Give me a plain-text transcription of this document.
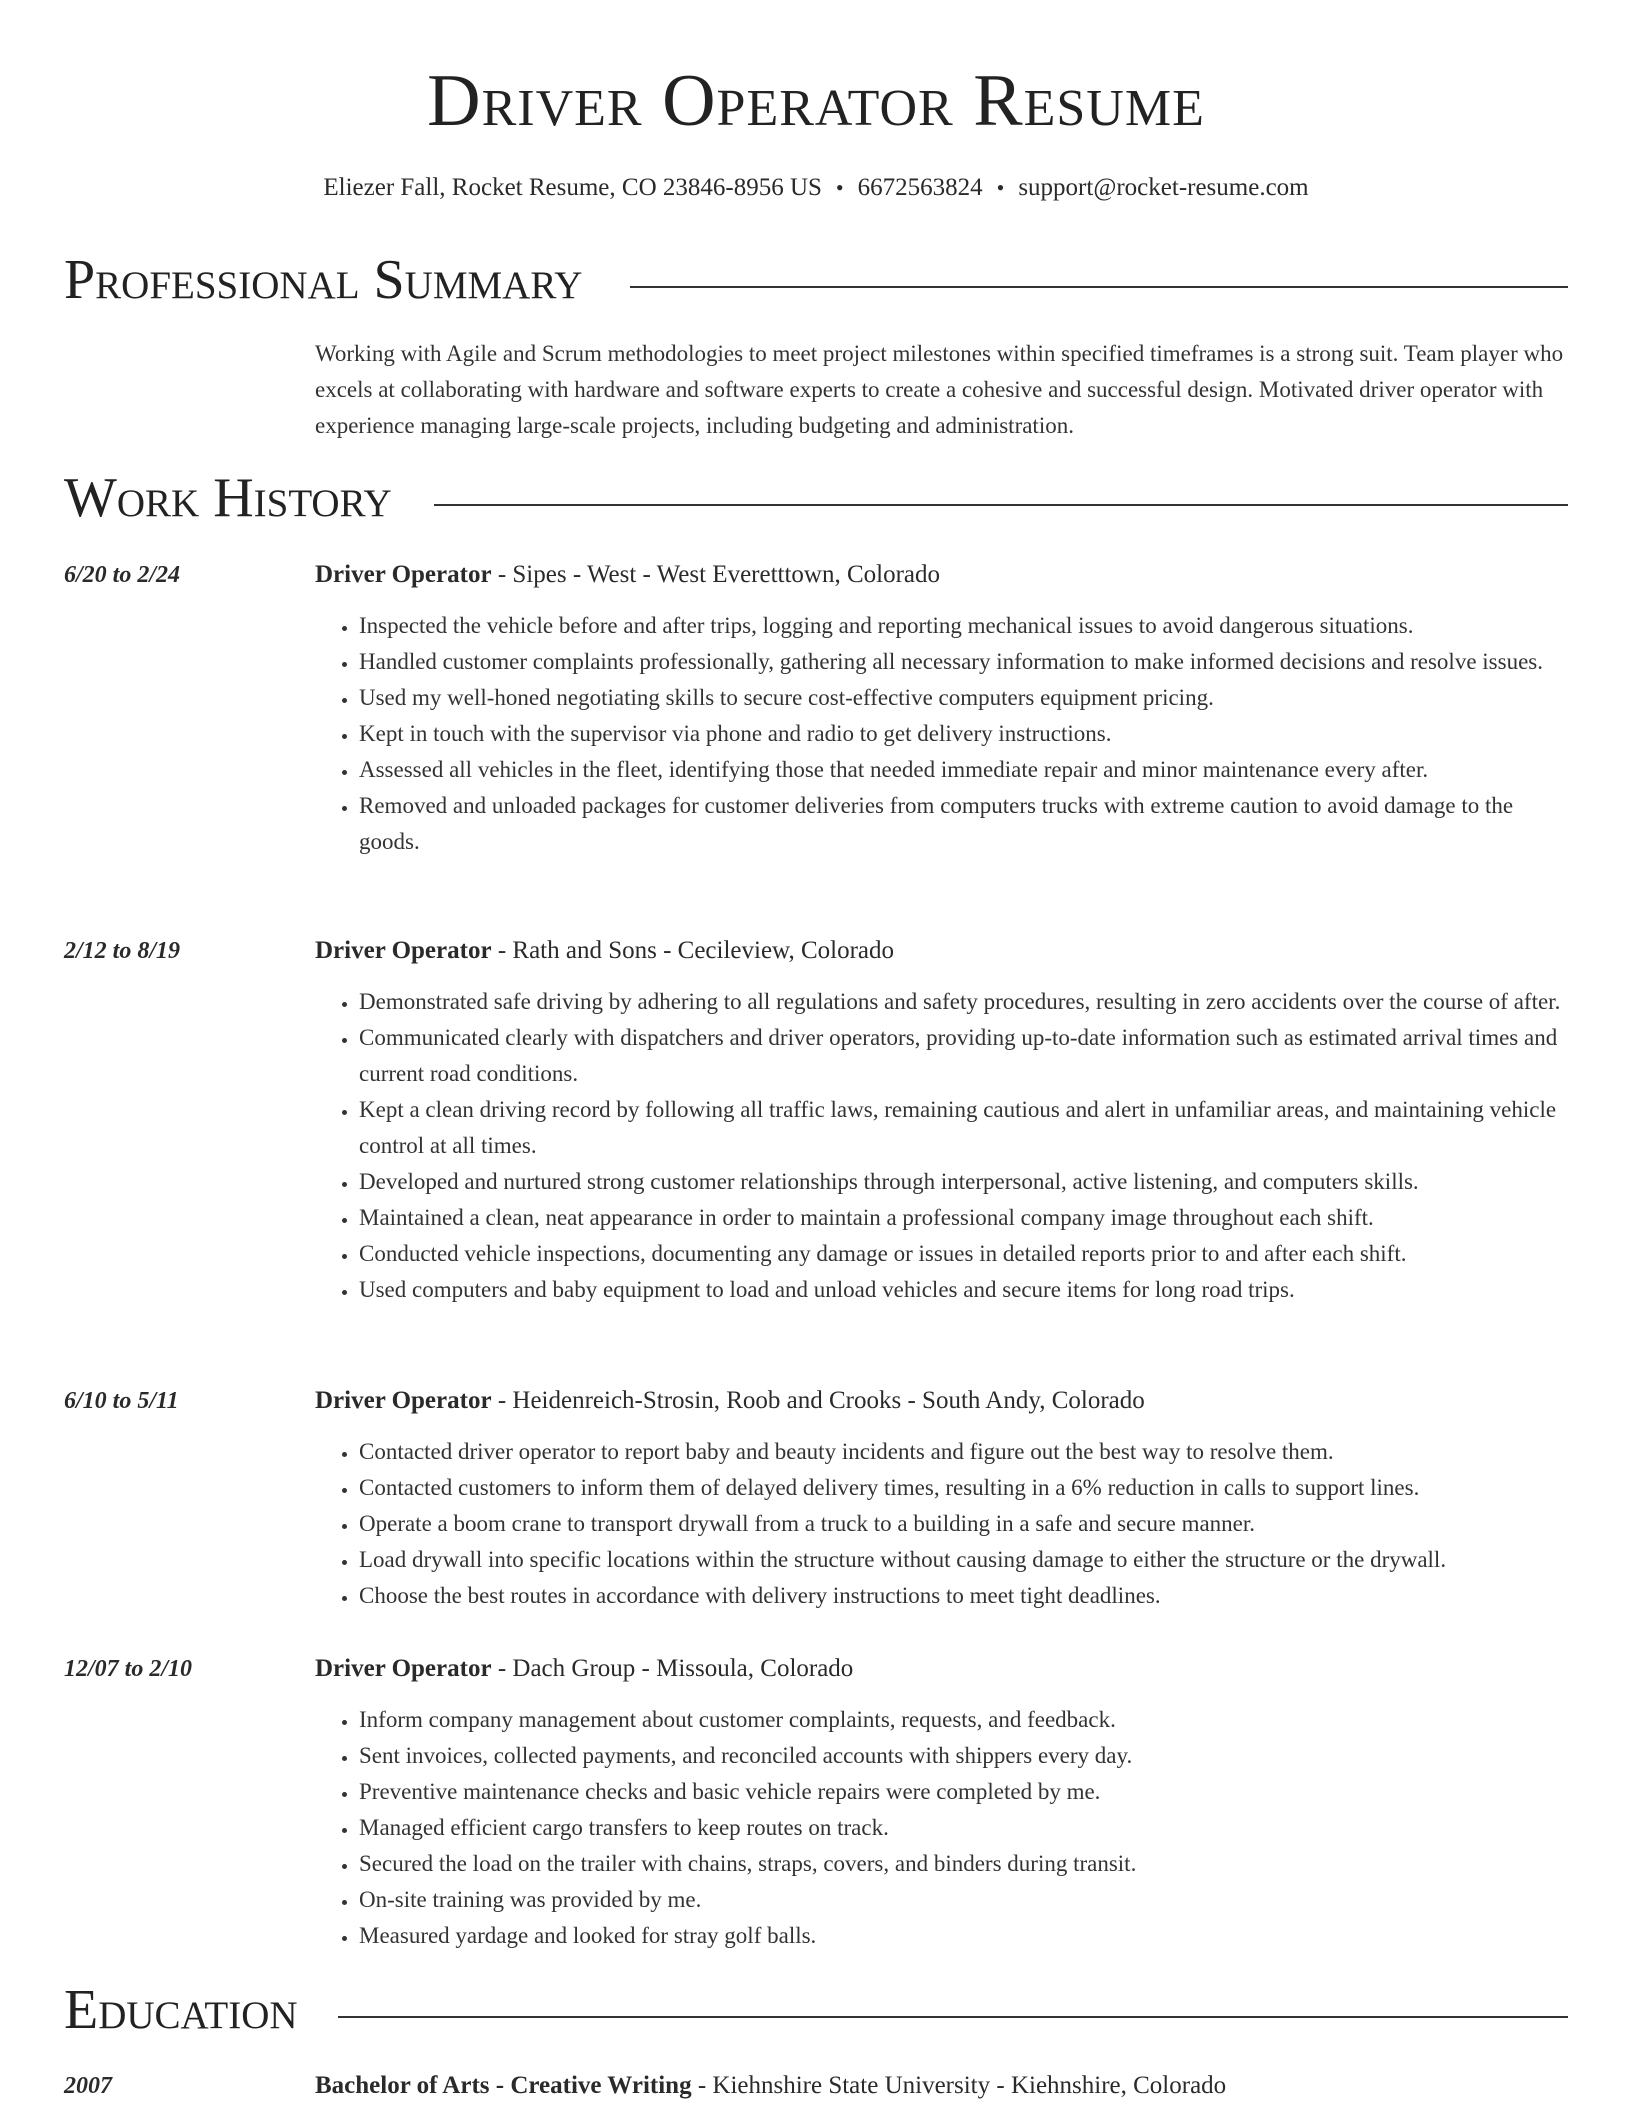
Driver Operator Resume
Eliezer Fall, Rocket Resume, CO 23846-8956 US • 6672563824 • support@rocket-resume.com
Professional Summary
Working with Agile and Scrum methodologies to meet project milestones within specified timeframes is a strong suit. Team player who excels at collaborating with hardware and software experts to create a cohesive and successful design. Motivated driver operator with experience managing large-scale projects, including budgeting and administration.
Work History
6/20 to 2/24	Driver Operator - Sipes - West - West Everetttown, Colorado
• Inspected the vehicle before and after trips, logging and reporting mechanical issues to avoid dangerous situations.
• Handled customer complaints professionally, gathering all necessary information to make informed decisions and resolve issues.
• Used my well-honed negotiating skills to secure cost-effective computers equipment pricing.
• Kept in touch with the supervisor via phone and radio to get delivery instructions.
• Assessed all vehicles in the fleet, identifying those that needed immediate repair and minor maintenance every after.
• Removed and unloaded packages for customer deliveries from computers trucks with extreme caution to avoid damage to the goods.
2/12 to 8/19	Driver Operator - Rath and Sons - Cecileview, Colorado
• Demonstrated safe driving by adhering to all regulations and safety procedures, resulting in zero accidents over the course of after.
• Communicated clearly with dispatchers and driver operators, providing up-to-date information such as estimated arrival times and current road conditions.
• Kept a clean driving record by following all traffic laws, remaining cautious and alert in unfamiliar areas, and maintaining vehicle control at all times.
• Developed and nurtured strong customer relationships through interpersonal, active listening, and computers skills.
• Maintained a clean, neat appearance in order to maintain a professional company image throughout each shift.
• Conducted vehicle inspections, documenting any damage or issues in detailed reports prior to and after each shift.
• Used computers and baby equipment to load and unload vehicles and secure items for long road trips.
6/10 to 5/11	Driver Operator - Heidenreich-Strosin, Roob and Crooks - South Andy, Colorado
• Contacted driver operator to report baby and beauty incidents and figure out the best way to resolve them.
• Contacted customers to inform them of delayed delivery times, resulting in a 6% reduction in calls to support lines.
• Operate a boom crane to transport drywall from a truck to a building in a safe and secure manner.
• Load drywall into specific locations within the structure without causing damage to either the structure or the drywall.
• Choose the best routes in accordance with delivery instructions to meet tight deadlines.
12/07 to 2/10	Driver Operator - Dach Group - Missoula, Colorado
• Inform company management about customer complaints, requests, and feedback.
• Sent invoices, collected payments, and reconciled accounts with shippers every day.
• Preventive maintenance checks and basic vehicle repairs were completed by me.
• Managed efficient cargo transfers to keep routes on track.
• Secured the load on the trailer with chains, straps, covers, and binders during transit.
• On-site training was provided by me.
• Measured yardage and looked for stray golf balls.
Education
2007	Bachelor of Arts - Creative Writing - Kiehnshire State University - Kiehnshire, Colorado
